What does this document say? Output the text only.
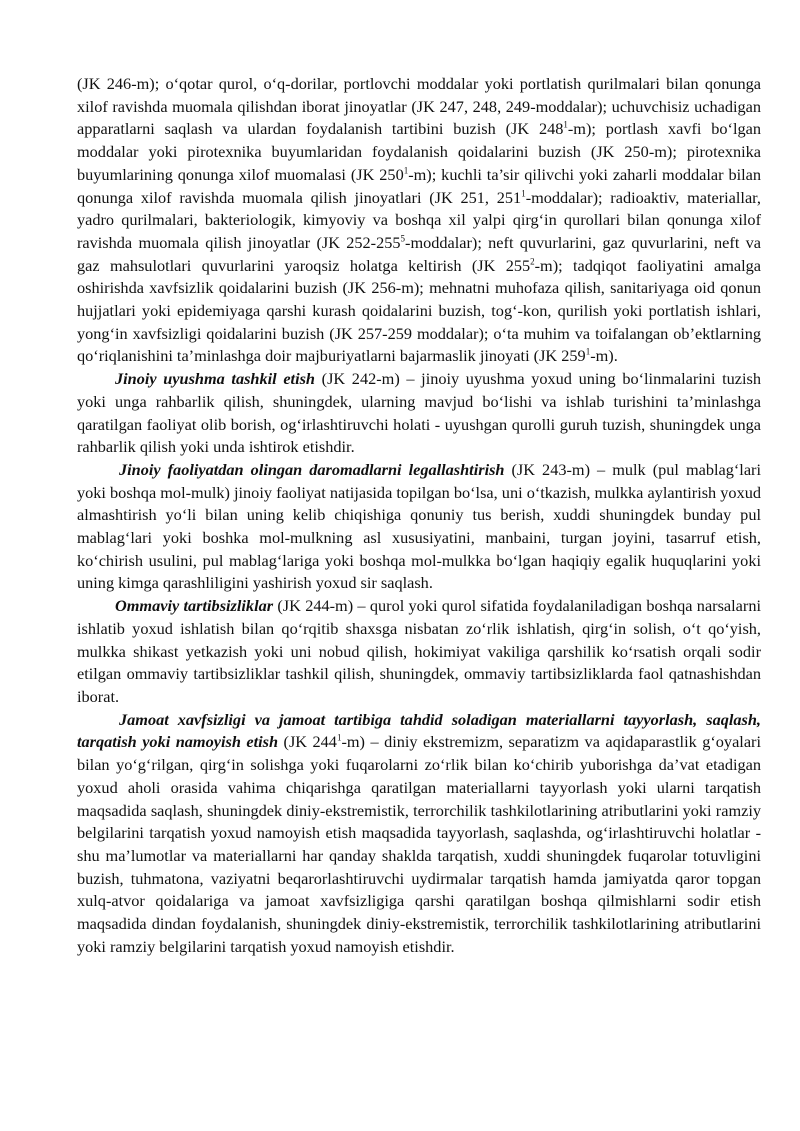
(JK 246-m); o‘qotar qurol, o‘q-dorilar, portlovchi moddalar yoki portlatish qurilmalari bilan qonunga xilof ravishda muomala qilishdan iborat jinoyatlar (JK 247, 248, 249-moddalar); uchuvchisiz uchadigan apparatlarni saqlash va ulardan foydalanish tartibini buzish (JK $248^1-m$); portlash xavfi bo‘lgan moddalar yoki pirotexnika buyumlaridan foydalanish qoidalarini buzish (JK 250-m); pirotexnika buyumlarining qonunga xilof muomalasi (JK $250^1-m$); kuchli ta’sir qilivchi yoki zaharli moddalar bilan qonunga xilof ravishda muomala qilish jinoyatlari (JK 251, $251^1-moddalar$); radioaktiv, materiallar, yadro qurilmalari, bakteriologik, kimyoviy va boshqa xil yalpi qirg‘in qurollari bilan qonunga xilof ravishda muomala qilish jinoyatlar (JK $252-255^5-moddalar$); neft quvurlarini, gaz quvurlarini, neft va gaz mahsulotlari quvurlarini yaroqsiz holatga keltirish (JK $255^2-m$); tadqiqot faoliyatini amalga oshirishda xavfsizlik qoidalarini buzish (JK 256-m); mehnatni muhofaza qilish, sanitariyaga oid qonun hujjatlari yoki epidemiyaga qarshi kurash qoidalarini buzish, tog‘-kon, qurilish yoki portlatish ishlari, yong‘in xavfsizligi qoidalarini buzish (JK 257-259 moddalar); o‘ta muhim va toifalangan ob’ektlarning qo‘riqlanishini ta’minlashga doir majburiyatlarni bajarmaslik jinoyati (JK $259^1-m$).

Jinoiy uyushma tashkil etish (JK 242-m) – jinoiy uyushma yoxud uning bo‘linmalarini tuzish yoki unga rahbarlik qilish, shuningdek, ularning mavjud bo‘lishi va ishlab turishini ta’minlashga qaratilgan faoliyat olib borish, og‘irlashtiruvchi holati - uyushgan qurolli guruh tuzish, shuningdek unga rahbarlik qilish yoki unda ishtirok etishdir.

Jinoiy faoliyatdan olingan daromadlarni legallashtirish (JK 243-m) – mulk (pul mablag‘lari yoki boshqa mol-mulk) jinoiy faoliyat natijasida topilgan bo‘lsa, uni o‘tkazish, mulkka aylantirish yoxud almashtirish yo‘li bilan uning kelib chiqishiga qonuniy tus berish, xuddi shuningdek bunday pul mablag‘lari yoki boshka mol-mulkning asl xususiyatini, manbaini, turgan joyini, tasarruf etish, ko‘chirish usulini, pul mablag‘lariga yoki boshqa mol-mulkka bo‘lgan haqiqiy egalik huquqlarini yoki uning kimga qarashliligini yashirish yoxud sir saqlash.

Ommaviy tartibsizliklar (JK 244-m) – qurol yoki qurol sifatida foydalaniladigan boshqa narsalarni ishlatib yoxud ishlatish bilan qo‘rqitib shaxsga nisbatan zo‘rlik ishlatish, qirg‘in solish, o‘t qo‘yish, mulkka shikast yetkazish yoki uni nobud qilish, hokimiyat vakiliga qarshilik ko‘rsatish orqali sodir etilgan ommaviy tartibsizliklar tashkil qilish, shuningdek, ommaviy tartibsizliklarda faol qatnashishdan iborat.

Jamoat xavfsizligi va jamoat tartibiga tahdid soladigan materiallarni tayyorlash, saqlash, tarqatish yoki namoyish etish (JK $244^1-m$) – diniy ekstremizm, separatizm va aqidaparastlik g‘oyalari bilan yo‘g‘rilgan, qirg‘in solishga yoki fuqarolarni zo‘rlik bilan ko‘chirib yuborishga da’vat etadigan yoxud aholi orasida vahima chiqarishga qaratilgan materiallarni tayyorlash yoki ularni tarqatish maqsadida saqlash, shuningdek diniy-ekstremistik, terrorchilik tashkilotlarining atributlarini yoki ramziy belgilarini tarqatish yoxud namoyish etish maqsadida tayyorlash, saqlashda, og‘irlashtiruvchi holatlar - shu ma’lumotlar va materiallarni har qanday shaklda tarqatish, xuddi shuningdek fuqarolar totuvligini buzish, tuhmatona, vaziyatni beqarorlashtiruvchi uydirmalar tarqatish hamda jamiyatda qaror topgan xulq-atvor qoidalariga va jamoat xavfsizligiga qarshi qaratilgan boshqa qilmishlarni sodir etish maqsadida dindan foydalanish, shuningdek diniy-ekstremistik, terrorchilik tashkilotlarining atributlarini yoki ramziy belgilarini tarqatish yoxud namoyish etishdir.
